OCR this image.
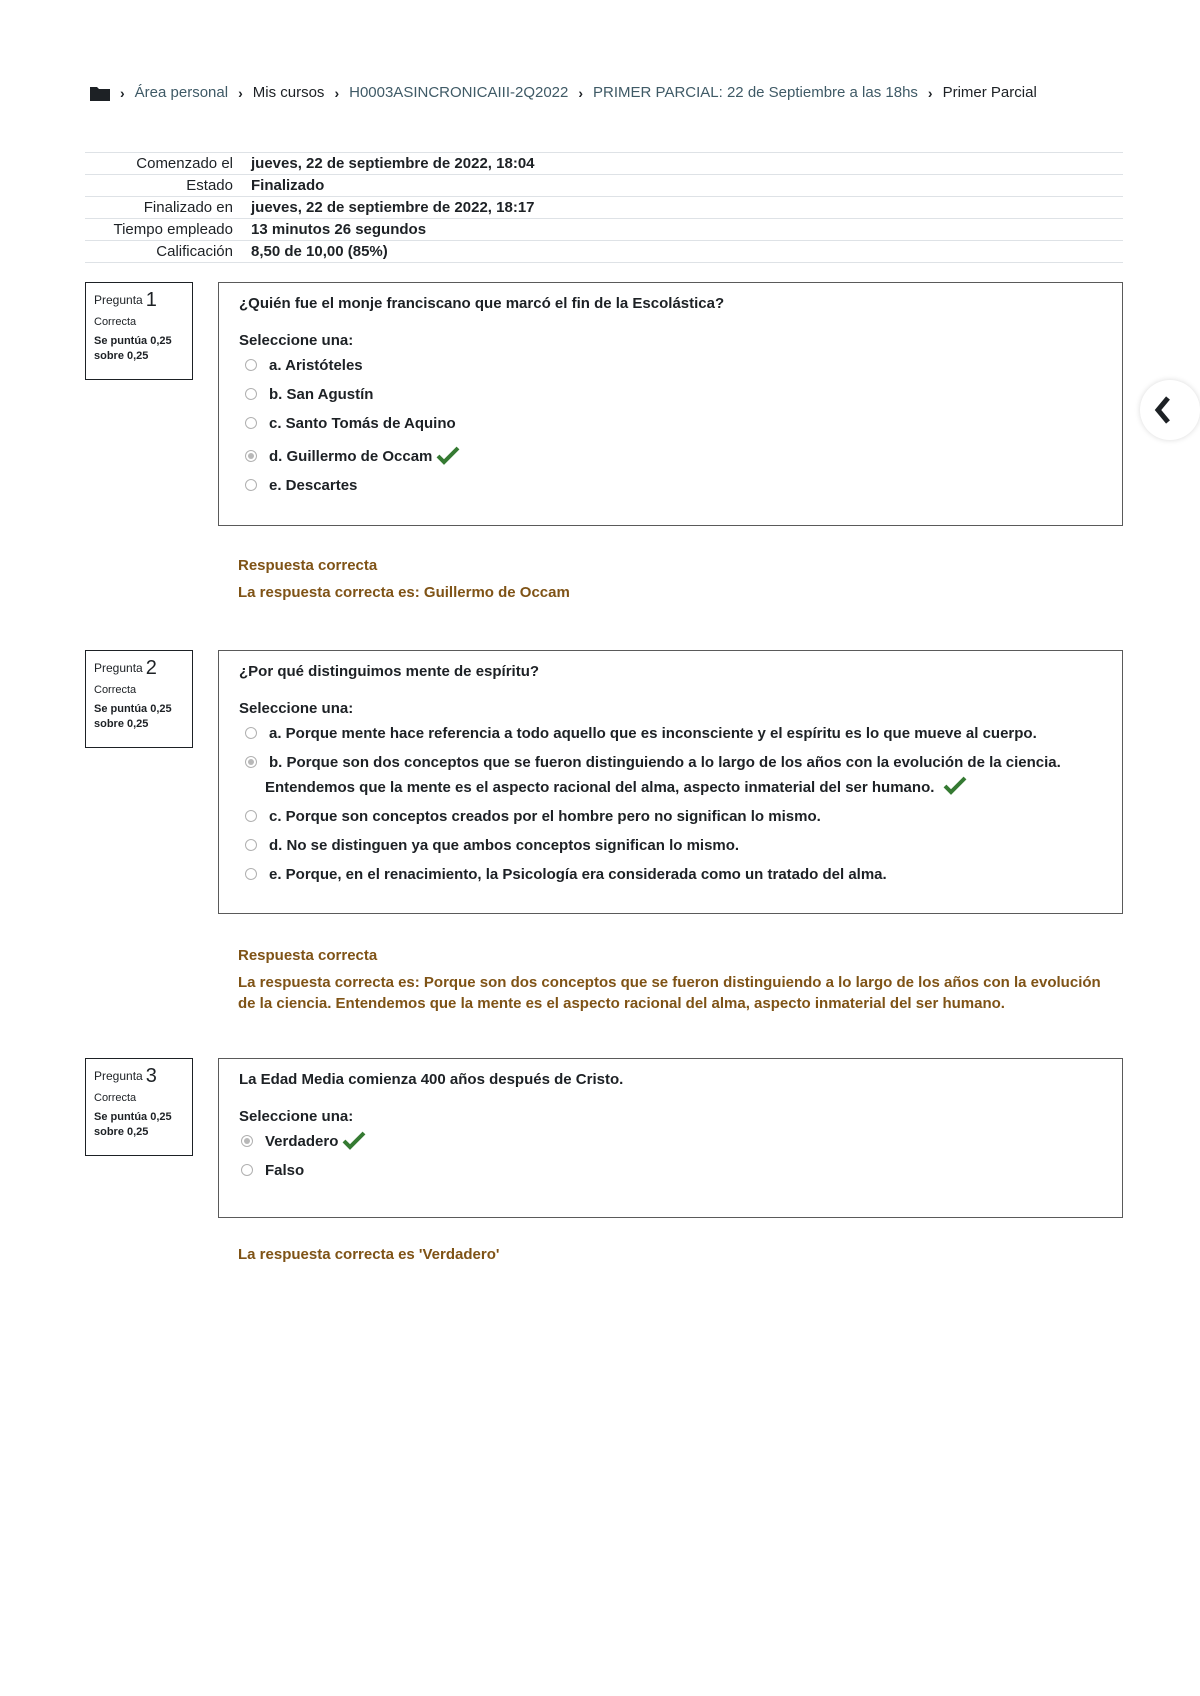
› Área personal › Mis cursos › H0003ASINCRONICAIII-2Q2022 › PRIMER PARCIAL: 22 de Septiembre a las 18hs › Primer Parcial
Comenzado el	jueves, 22 de septiembre de 2022, 18:04
Estado	Finalizado
Finalizado en	jueves, 22 de septiembre de 2022, 18:17
Tiempo empleado	13 minutos 26 segundos
Calificación	8,50 de 10,00 (85%)
Pregunta 1
Correcta
Se puntúa 0,25 sobre 0,25
¿Quién fue el monje franciscano que marcó el fin de la Escolástica?
Seleccione una:
a. Aristóteles
b. San Agustín
c. Santo Tomás de Aquino
d. Guillermo de Occam
e. Descartes
Respuesta correcta
La respuesta correcta es: Guillermo de Occam
Pregunta 2
Correcta
Se puntúa 0,25 sobre 0,25
¿Por qué distinguimos mente de espíritu?
Seleccione una:
a. Porque mente hace referencia a todo aquello que es inconsciente y el espíritu es lo que mueve al cuerpo.
b. Porque son dos conceptos que se fueron distinguiendo a lo largo de los años con la evolución de la ciencia.
Entendemos que la mente es el aspecto racional del alma, aspecto inmaterial del ser humano.
c. Porque son conceptos creados por el hombre pero no significan lo mismo.
d. No se distinguen ya que ambos conceptos significan lo mismo.
e. Porque, en el renacimiento, la Psicología era considerada como un tratado del alma.
Respuesta correcta
La respuesta correcta es: Porque son dos conceptos que se fueron distinguiendo a lo largo de los años con la evolución de la ciencia. Entendemos que la mente es el aspecto racional del alma, aspecto inmaterial del ser humano.
Pregunta 3
Correcta
Se puntúa 0,25 sobre 0,25
La Edad Media comienza 400 años después de Cristo.
Seleccione una:
Verdadero
Falso
La respuesta correcta es 'Verdadero'
